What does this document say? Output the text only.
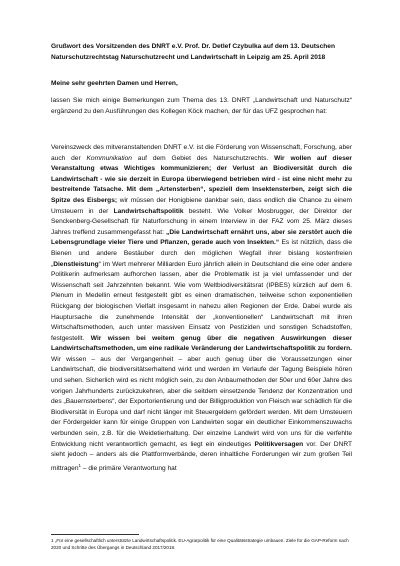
Grußwort des Vorsitzenden des DNRT e.V. Prof. Dr. Detlef Czybulka auf dem 13. Deutschen Naturschutzrechtstag Naturschutzrecht und Landwirtschaft in Leipzig am 25. April 2018

Meine sehr geehrten Damen und Herren,

lassen Sie mich einige Bemerkungen zum Thema des 13. DNRT „Landwirtschaft und Naturschutz“ ergänzend zu den Ausführungen des Kollegen Köck machen, der für das UFZ gesprochen hat:

Vereinszweck des mitveranstaltenden DNRT e.V. ist die Förderung von Wissenschaft, Forschung, aber auch der Kommunikation auf dem Gebiet des Naturschutzrechts. Wir wollen auf dieser Veranstaltung etwas Wichtiges kommunizieren; der Verlust an Biodiversität durch die Landwirtschaft - wie sie derzeit in Europa überwiegend betrieben wird - ist eine nicht mehr zu bestreitende Tatsache. Mit dem „Artensterben“, speziell dem Insektensterben, zeigt sich die Spitze des Eisbergs; wir müssen der Honigbiene dankbar sein, dass endlich die Chance zu einem Umsteuern in der Landwirtschaftspolitik besteht. Wie Volker Mosbrugger, der Direktor der Senckenberg-Gesellschaft für Naturforschung in einem Interview in der FAZ vom 25. März dieses Jahres treffend zusammengefasst hat: „Die Landwirtschaft ernährt uns, aber sie zerstört auch die Lebensgrundlage vieler Tiere und Pflanzen, gerade auch von Insekten.“ Es ist nützlich, dass die Bienen und andere Bestäuber durch den möglichen Wegfall ihrer bislang kostenfreien „Dienstleistung“ im Wert mehrerer Milliarden Euro jährlich allein in Deutschland die eine oder andere Politikerin aufmerksam aufhorchen lassen, aber die Problematik ist ja viel umfassender und der Wissenschaft seit Jahrzehnten bekannt. Wie vom Weltbiodiversitätsrat (IPBES) kürzlich auf dem 6. Plenum in Medellin erneut festgestellt gibt es einen dramatischen, teilweise schon exponentiellen Rückgang der biologischen Vielfalt insgesamt in nahezu allen Regionen der Erde. Dabei wurde als Hauptursache die zunehmende Intensität der „konventionellen“ Landwirtschaft mit ihren Wirtschaftsmethoden, auch unter massiven Einsatz von Pestiziden und sonstigen Schadstoffen, festgestellt. Wir wissen bei weitem genug über die negativen Auswirkungen dieser Landwirtschaftsmethoden, um eine radikale Veränderung der Landwirtschaftspolitik zu fordern. Wir wissen – aus der Vergangenheit – aber auch genug über die Voraussetzungen einer Landwirtschaft, die biodiversitätserhaltend wirkt und werden im Verlaufe der Tagung Beispiele hören und sehen. Sicherlich wird es nicht möglich sein, zu den Anbaumethoden der 50er und 60er Jahre des vorigen Jahrhunderts zurückzukehren, aber die seitdem einsetzende Tendenz der Konzentration und des „Bauernsterbens“, der Exportorientierung und der Billigproduktion von Fleisch war schädlich für die Biodiversität in Europa und darf nicht länger mit Steuergeldern gefördert werden. Mit dem Umsteuern der Fördergelder kann für einige Gruppen von Landwirten sogar ein deutlicher Einkommenszuwachs verbunden sein, z.B. für die Weidetierhaltung. Der einzelne Landwirt wird von uns für die verfehlte Entwicklung nicht verantwortlich gemacht, es liegt ein eindeutiges Politikversagen vor. Der DNRT sieht jedoch – anders als die Plattformverbände, deren inhaltliche Forderungen wir zum großen Teil mittragen$^1$ – die primäre Verantwortung hat

1 „Für eine gesellschaftlich unterstützte Landwirtschaftspolitik. EU-Agrarpolitik für eine Qualitätsstrategie umbauen. Ziele für die GAP-Reform nach 2020 und Schritte des Übergangs in Deutschland 2017/2018.
